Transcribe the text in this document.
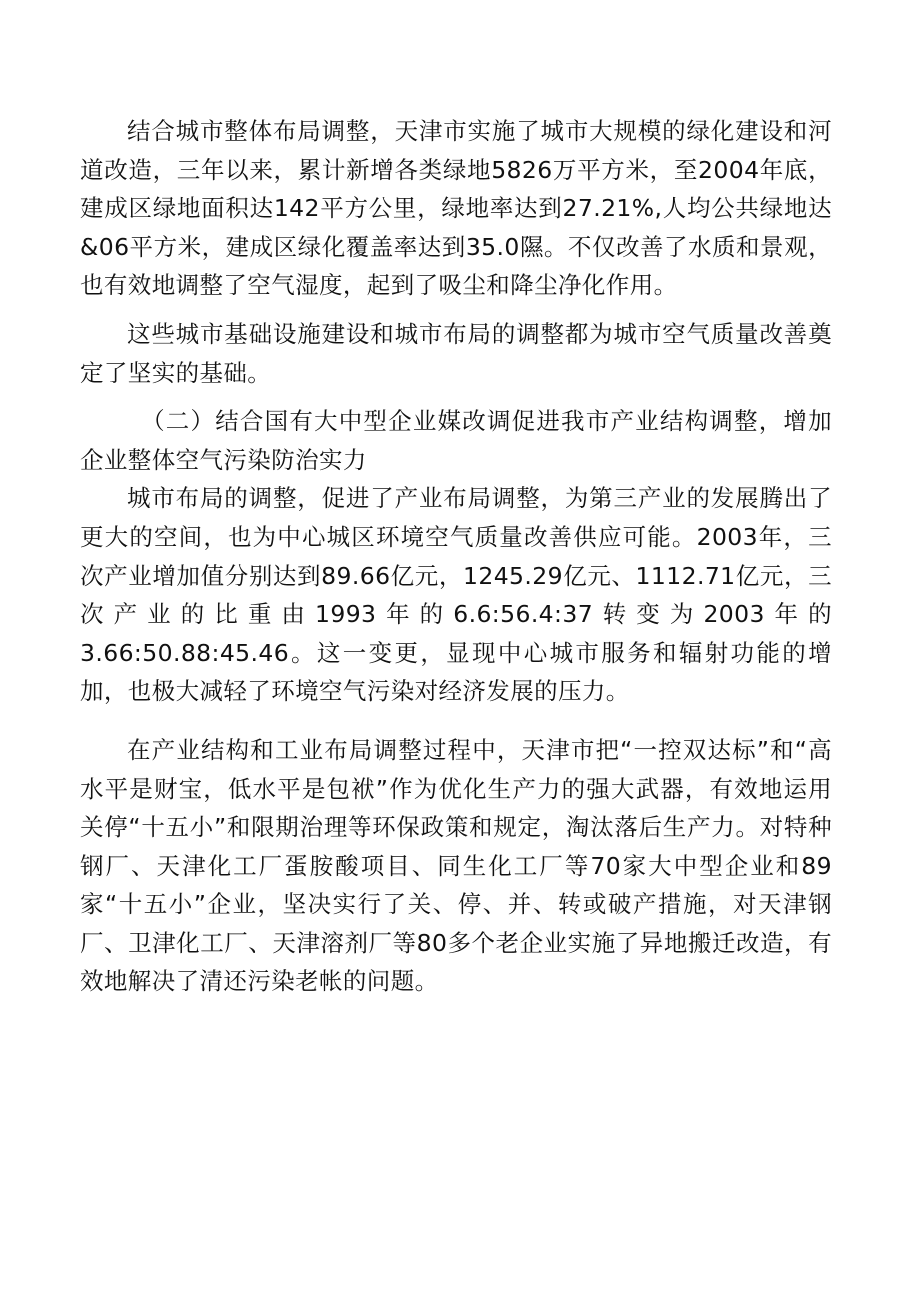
结合城市整体布局调整，天津市实施了城市大规模的绿化建设和河道改造，三年以来，累计新增各类绿地5826万平方米，至2004年底，建成区绿地面积达142平方公里，绿地率达到27.21%,人均公共绿地达&06平方米，建成区绿化覆盖率达到35.0隰。不仅改善了水质和景观，也有效地调整了空气湿度，起到了吸尘和降尘净化作用。

这些城市基础设施建设和城市布局的调整都为城市空气质量改善奠定了坚实的基础。

（二）结合国有大中型企业媒改调促进我市产业结构调整，增加企业整体空气污染防治实力

城市布局的调整，促进了产业布局调整，为第三产业的发展腾出了更大的空间，也为中心城区环境空气质量改善供应可能。2003年，三次产业增加值分别达到89.66亿元，1245.29亿元、1112.71亿元，三次产业的比重由1993年的6.6:56.4:37转变为2003年的3.66:50.88:45.46。这一变更，显现中心城市服务和辐射功能的增加，也极大减轻了环境空气污染对经济发展的压力。

在产业结构和工业布局调整过程中，天津市把“一控双达标”和“高水平是财宝，低水平是包袱”作为优化生产力的强大武器，有效地运用关停“十五小”和限期治理等环保政策和规定，淘汰落后生产力。对特种钢厂、天津化工厂蛋胺酸项目、同生化工厂等70家大中型企业和89家“十五小”企业，坚决实行了关、停、并、转或破产措施，对天津钢厂、卫津化工厂、天津溶剂厂等80多个老企业实施了异地搬迁改造，有效地解决了清还污染老帐的问题。
